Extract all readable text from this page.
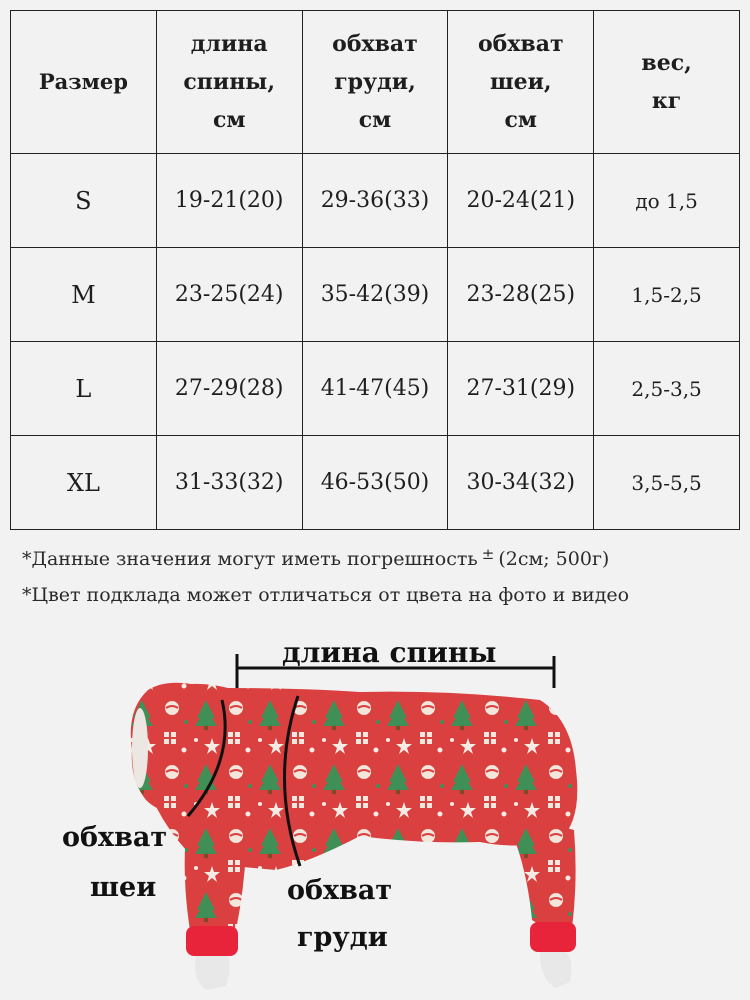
Размер	длина
спины,
см	обхват
груди,
см	обхват
шеи,
см	вес,
кг
S	19-21(20)	29-36(33)	20-24(21)	до 1,5
M	23-25(24)	35-42(39)	23-28(25)	1,5-2,5
L	27-29(28)	41-47(45)	27-31(29)	2,5-3,5
XL	31-33(32)	46-53(50)	30-34(32)	3,5-5,5
*Данные значения могут иметь погрешность ± (2см; 500г)
*Цвет подклада может отличаться от цвета на фото и видео
длина спины
обхват
шеи	обхват
груди
